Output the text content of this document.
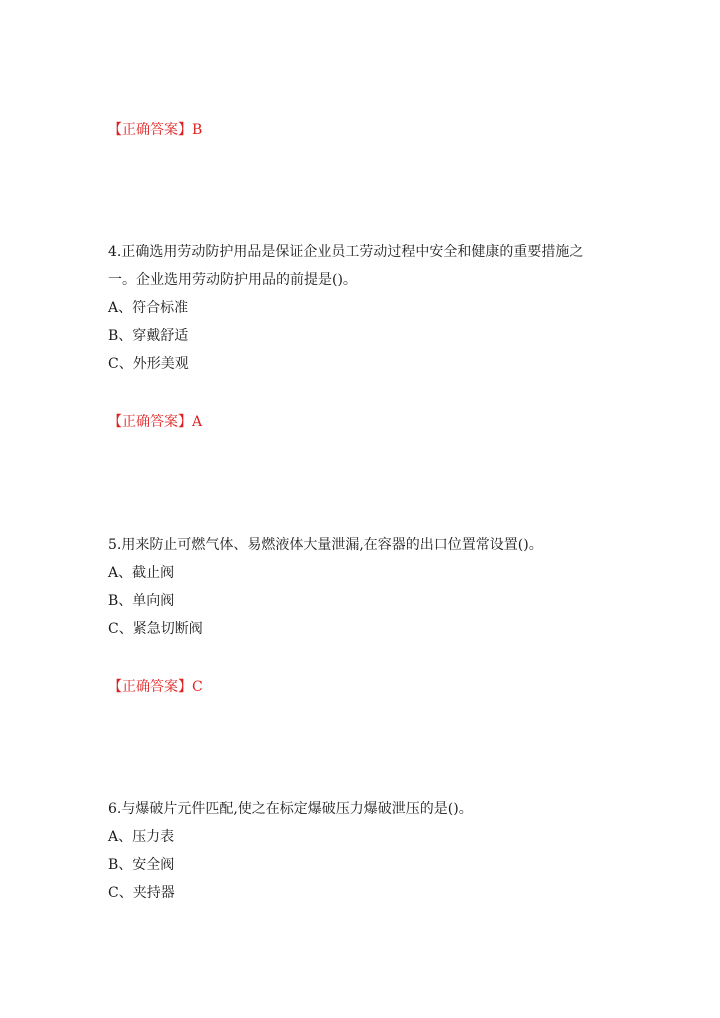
【正确答案】B
4.正确选用劳动防护用品是保证企业员工劳动过程中安全和健康的重要措施之
一。企业选用劳动防护用品的前提是()。
A、符合标准
B、穿戴舒适
C、外形美观
【正确答案】A
5.用来防止可燃气体、易燃液体大量泄漏,在容器的出口位置常设置()。
A、截止阀
B、单向阀
C、紧急切断阀
【正确答案】C
6.与爆破片元件匹配,使之在标定爆破压力爆破泄压的是()。
A、压力表
B、安全阀
C、夹持器
